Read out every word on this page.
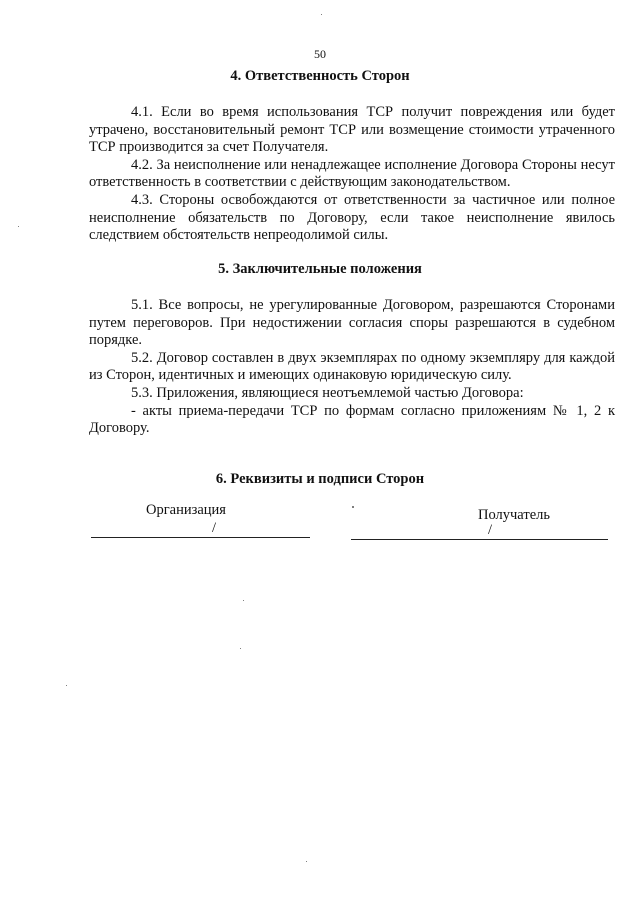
50
4. Ответственность Сторон

4.1. Если во время использования ТСР получит повреждения или будет утрачено, восстановительный ремонт ТСР или возмещение стоимости утраченного ТСР производится за счет Получателя.

4.2. За неисполнение или ненадлежащее исполнение Договора Стороны несут ответственность в соответствии с действующим законодательством.

4.3. Стороны освобождаются от ответственности за частичное или полное неисполнение обязательств по Договору, если такое неисполнение явилось следствием обстоятельств непреодолимой силы.

5. Заключительные положения

5.1. Все вопросы, не урегулированные Договором, разрешаются Сторонами путем переговоров. При недостижении согласия споры разрешаются в судебном порядке.

5.2. Договор составлен в двух экземплярах по одному экземпляру для каждой из Сторон, идентичных и имеющих одинаковую юридическую силу.

5.3. Приложения, являющиеся неотъемлемой частью Договора:

- акты приема-передачи ТСР по формам согласно приложениям № 1, 2 к Договору.

6. Реквизиты и подписи Сторон
Организация	Получатель
/	/
